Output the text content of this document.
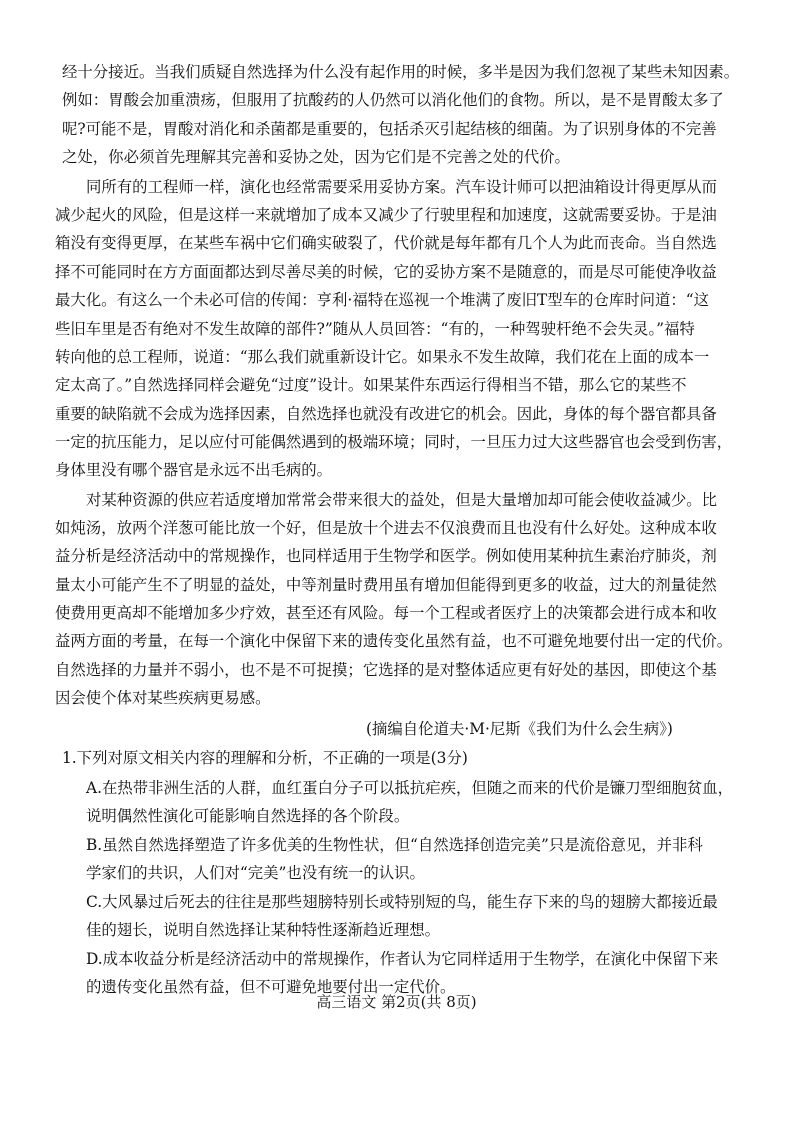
经十分接近。当我们质疑自然选择为什么没有起作用的时候，多半是因为我们忽视了某些未知因素。
例如：胃酸会加重溃疡，但服用了抗酸药的人仍然可以消化他们的食物。所以，是不是胃酸太多了
呢?可能不是，胃酸对消化和杀菌都是重要的，包括杀灭引起结核的细菌。为了识别身体的不完善
之处，你必须首先理解其完善和妥协之处，因为它们是不完善之处的代价。
同所有的工程师一样，演化也经常需要采用妥协方案。汽车设计师可以把油箱设计得更厚从而
减少起火的风险，但是这样一来就增加了成本又减少了行驶里程和加速度，这就需要妥协。于是油
箱没有变得更厚，在某些车祸中它们确实破裂了，代价就是每年都有几个人为此而丧命。当自然选
择不可能同时在方方面面都达到尽善尽美的时候，它的妥协方案不是随意的，而是尽可能使净收益
最大化。有这么一个未必可信的传闻：亨利·福特在巡视一个堆满了废旧T型车的仓库时问道：“这
些旧车里是否有绝对不发生故障的部件?”随从人员回答：“有的，一种驾驶杆绝不会失灵。”福特
转向他的总工程师，说道：“那么我们就重新设计它。如果永不发生故障，我们花在上面的成本一
定太高了。”自然选择同样会避免“过度”设计。如果某件东西运行得相当不错，那么它的某些不
重要的缺陷就不会成为选择因素，自然选择也就没有改进它的机会。因此，身体的每个器官都具备
一定的抗压能力，足以应付可能偶然遇到的极端环境；同时，一旦压力过大这些器官也会受到伤害，
身体里没有哪个器官是永远不出毛病的。
对某种资源的供应若适度增加常常会带来很大的益处，但是大量增加却可能会使收益减少。比
如炖汤，放两个洋葱可能比放一个好，但是放十个进去不仅浪费而且也没有什么好处。这种成本收
益分析是经济活动中的常规操作，也同样适用于生物学和医学。例如使用某种抗生素治疗肺炎，剂
量太小可能产生不了明显的益处，中等剂量时费用虽有增加但能得到更多的收益，过大的剂量徒然
使费用更高却不能增加多少疗效，甚至还有风险。每一个工程或者医疗上的决策都会进行成本和收
益两方面的考量，在每一个演化中保留下来的遗传变化虽然有益，也不可避免地要付出一定的代价。
自然选择的力量并不弱小，也不是不可捉摸；它选择的是对整体适应更有好处的基因，即使这个基
因会使个体对某些疾病更易感。
(摘编自伦道夫·M·尼斯《我们为什么会生病》)
1.下列对原文相关内容的理解和分析，不正确的一项是(3分)
A.在热带非洲生活的人群，血红蛋白分子可以抵抗疟疾，但随之而来的代价是镰刀型细胞贫血，
说明偶然性演化可能影响自然选择的各个阶段。
B.虽然自然选择塑造了许多优美的生物性状，但“自然选择创造完美”只是流俗意见，并非科
学家们的共识，人们对“完美”也没有统一的认识。
C.大风暴过后死去的往往是那些翅膀特别长或特别短的鸟，能生存下来的鸟的翅膀大都接近最
佳的翅长，说明自然选择让某种特性逐渐趋近理想。
D.成本收益分析是经济活动中的常规操作，作者认为它同样适用于生物学，在演化中保留下来
的遗传变化虽然有益，但不可避免地要付出一定代价。
高三语文 第2页(共 8页)
